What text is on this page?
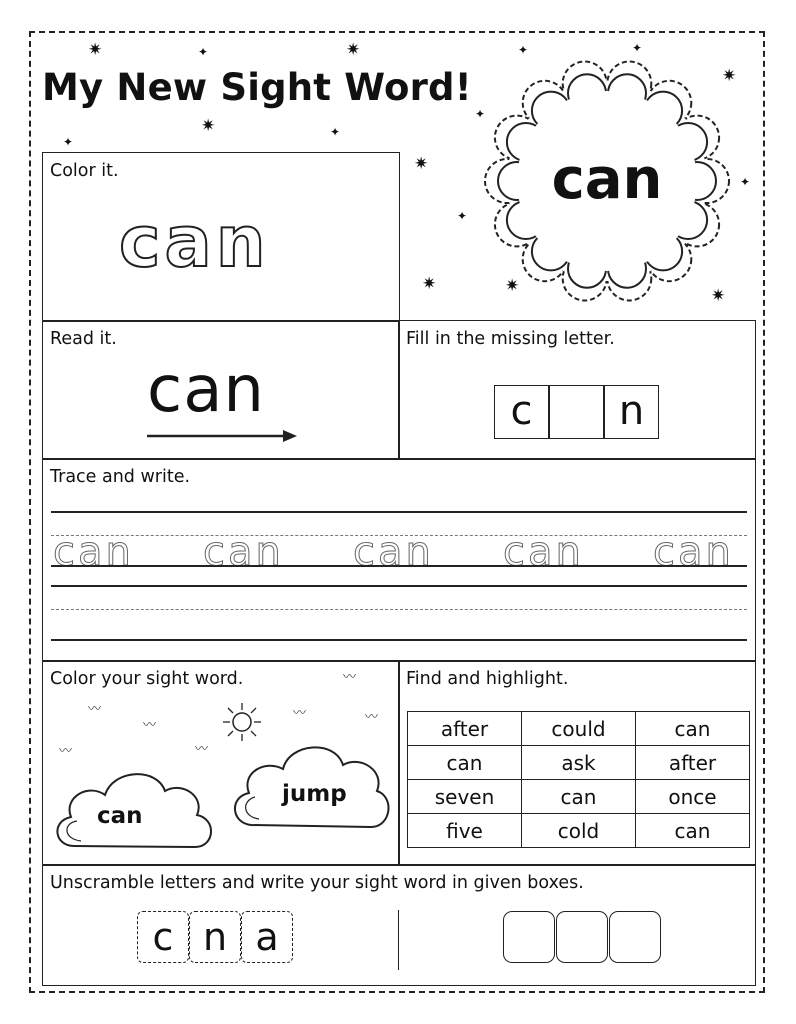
My New Sight Word!
✷	✦	✷	✦	✦
✷
✦
✷	✦
✦
✷
✦
✦
✷	✷	✷
can
Color it.
can
Read it.
can
Fill in the missing letter.
c	n
Trace and write.
can can can can can
Color your sight word.	〰
〰
〰
〰	〰
〰	〰
can
jump
Find and highlight.
after	could	can
can	ask	after
seven	can	once
five	cold	can
Unscramble letters and write your sight word in given boxes.
c n a
